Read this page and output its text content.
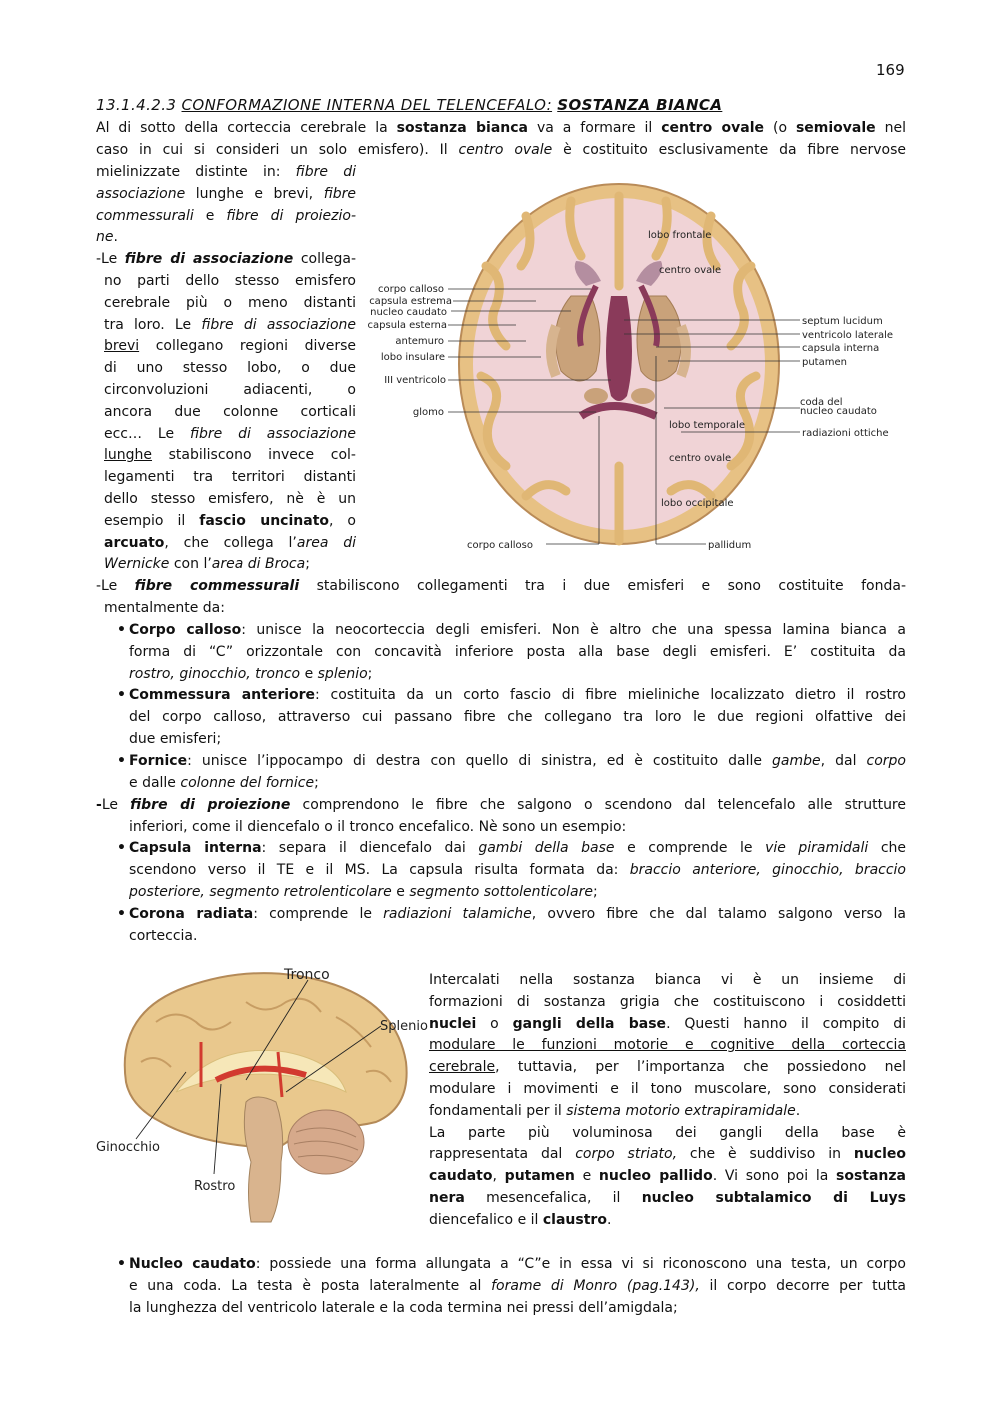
169
13.1.4.2.3 CONFORMAZIONE INTERNA DEL TELENCEFALO: SOSTANZA BIANCA
Al di sotto della corteccia cerebrale la sostanza bianca va a formare il centro ovale (o semiovale nel
caso in cui si consideri un solo emisfero). Il centro ovale è costituito esclusivamente da fibre nervose
mielinizzate distinte in: fibre di
associazione lunghe e brevi, fibre
commessurali e fibre di proiezio-
ne.
-Le fibre di associazione collega-
no parti dello stesso emisfero
cerebrale più o meno distanti
tra loro. Le fibre di associazione
brevi collegano regioni diverse
di uno stesso lobo, o due
circonvoluzioni adiacenti, o
ancora due colonne corticali
ecc… Le fibre di associazione
lunghe stabiliscono invece col-
legamenti tra territori distanti
dello stesso emisfero, nè è un
esempio il fascio uncinato, o
arcuato, che collega l’area di
Wernicke con l’area di Broca;
corpo calloso
capsula estrema
nucleo caudato
capsula esterna
antemuro
lobo insulare
III ventricolo
glomo
septum lucidum
ventricolo laterale
capsula interna
putamen
coda del
nucleo caudato
radiazioni ottiche
lobo frontale
centro ovale
lobo temporale
centro ovale
lobo occipitale
corpo calloso	pallidum
-Le fibre commessurali stabiliscono collegamenti tra i due emisferi e sono costituite fonda-
mentalmente da:
• Corpo calloso: unisce la neocorteccia degli emisferi. Non è altro che una spessa lamina bianca a
forma di “C” orizzontale con concavità inferiore posta alla base degli emisferi. E’ costituita da
rostro, ginocchio, tronco e splenio;
• Commessura anteriore: costituita da un corto fascio di fibre mieliniche localizzato dietro il rostro
del corpo calloso, attraverso cui passano fibre che collegano tra loro le due regioni olfattive dei
due emisferi;
• Fornice: unisce l’ippocampo di destra con quello di sinistra, ed è costituito dalle gambe, dal corpo
e dalle colonne del fornice;
-Le fibre di proiezione comprendono le fibre che salgono o scendono dal telencefalo alle strutture
inferiori, come il diencefalo o il tronco encefalico. Nè sono un esempio:
• Capsula interna: separa il diencefalo dai gambi della base e comprende le vie piramidali che
scendono verso il TE e il MS. La capsula risulta formata da: braccio anteriore, ginocchio, braccio
posteriore, segmento retrolenticolare e segmento sottolenticolare;
• Corona radiata: comprende le radiazioni talamiche, ovvero fibre che dal talamo salgono verso la
corteccia.
Tronco
Splenio
Ginocchio
Rostro
Intercalati nella sostanza bianca vi è un insieme di
formazioni di sostanza grigia che costituiscono i cosiddetti
nuclei o gangli della base. Questi hanno il compito di
modulare le funzioni motorie e cognitive della corteccia
cerebrale, tuttavia, per l’importanza che possiedono nel
modulare i movimenti e il tono muscolare, sono considerati
fondamentali per il sistema motorio extrapiramidale.
La parte più voluminosa dei gangli della base è
rappresentata dal corpo striato, che è suddiviso in nucleo
caudato, putamen e nucleo pallido. Vi sono poi la sostanza
nera mesencefalica, il nucleo subtalamico di Luys
diencefalico e il claustro.
• Nucleo caudato: possiede una forma allungata a “C”e in essa vi si riconoscono una testa, un corpo
e una coda. La testa è posta lateralmente al forame di Monro (pag.143), il corpo decorre per tutta
la lunghezza del ventricolo laterale e la coda termina nei pressi dell’amigdala;
